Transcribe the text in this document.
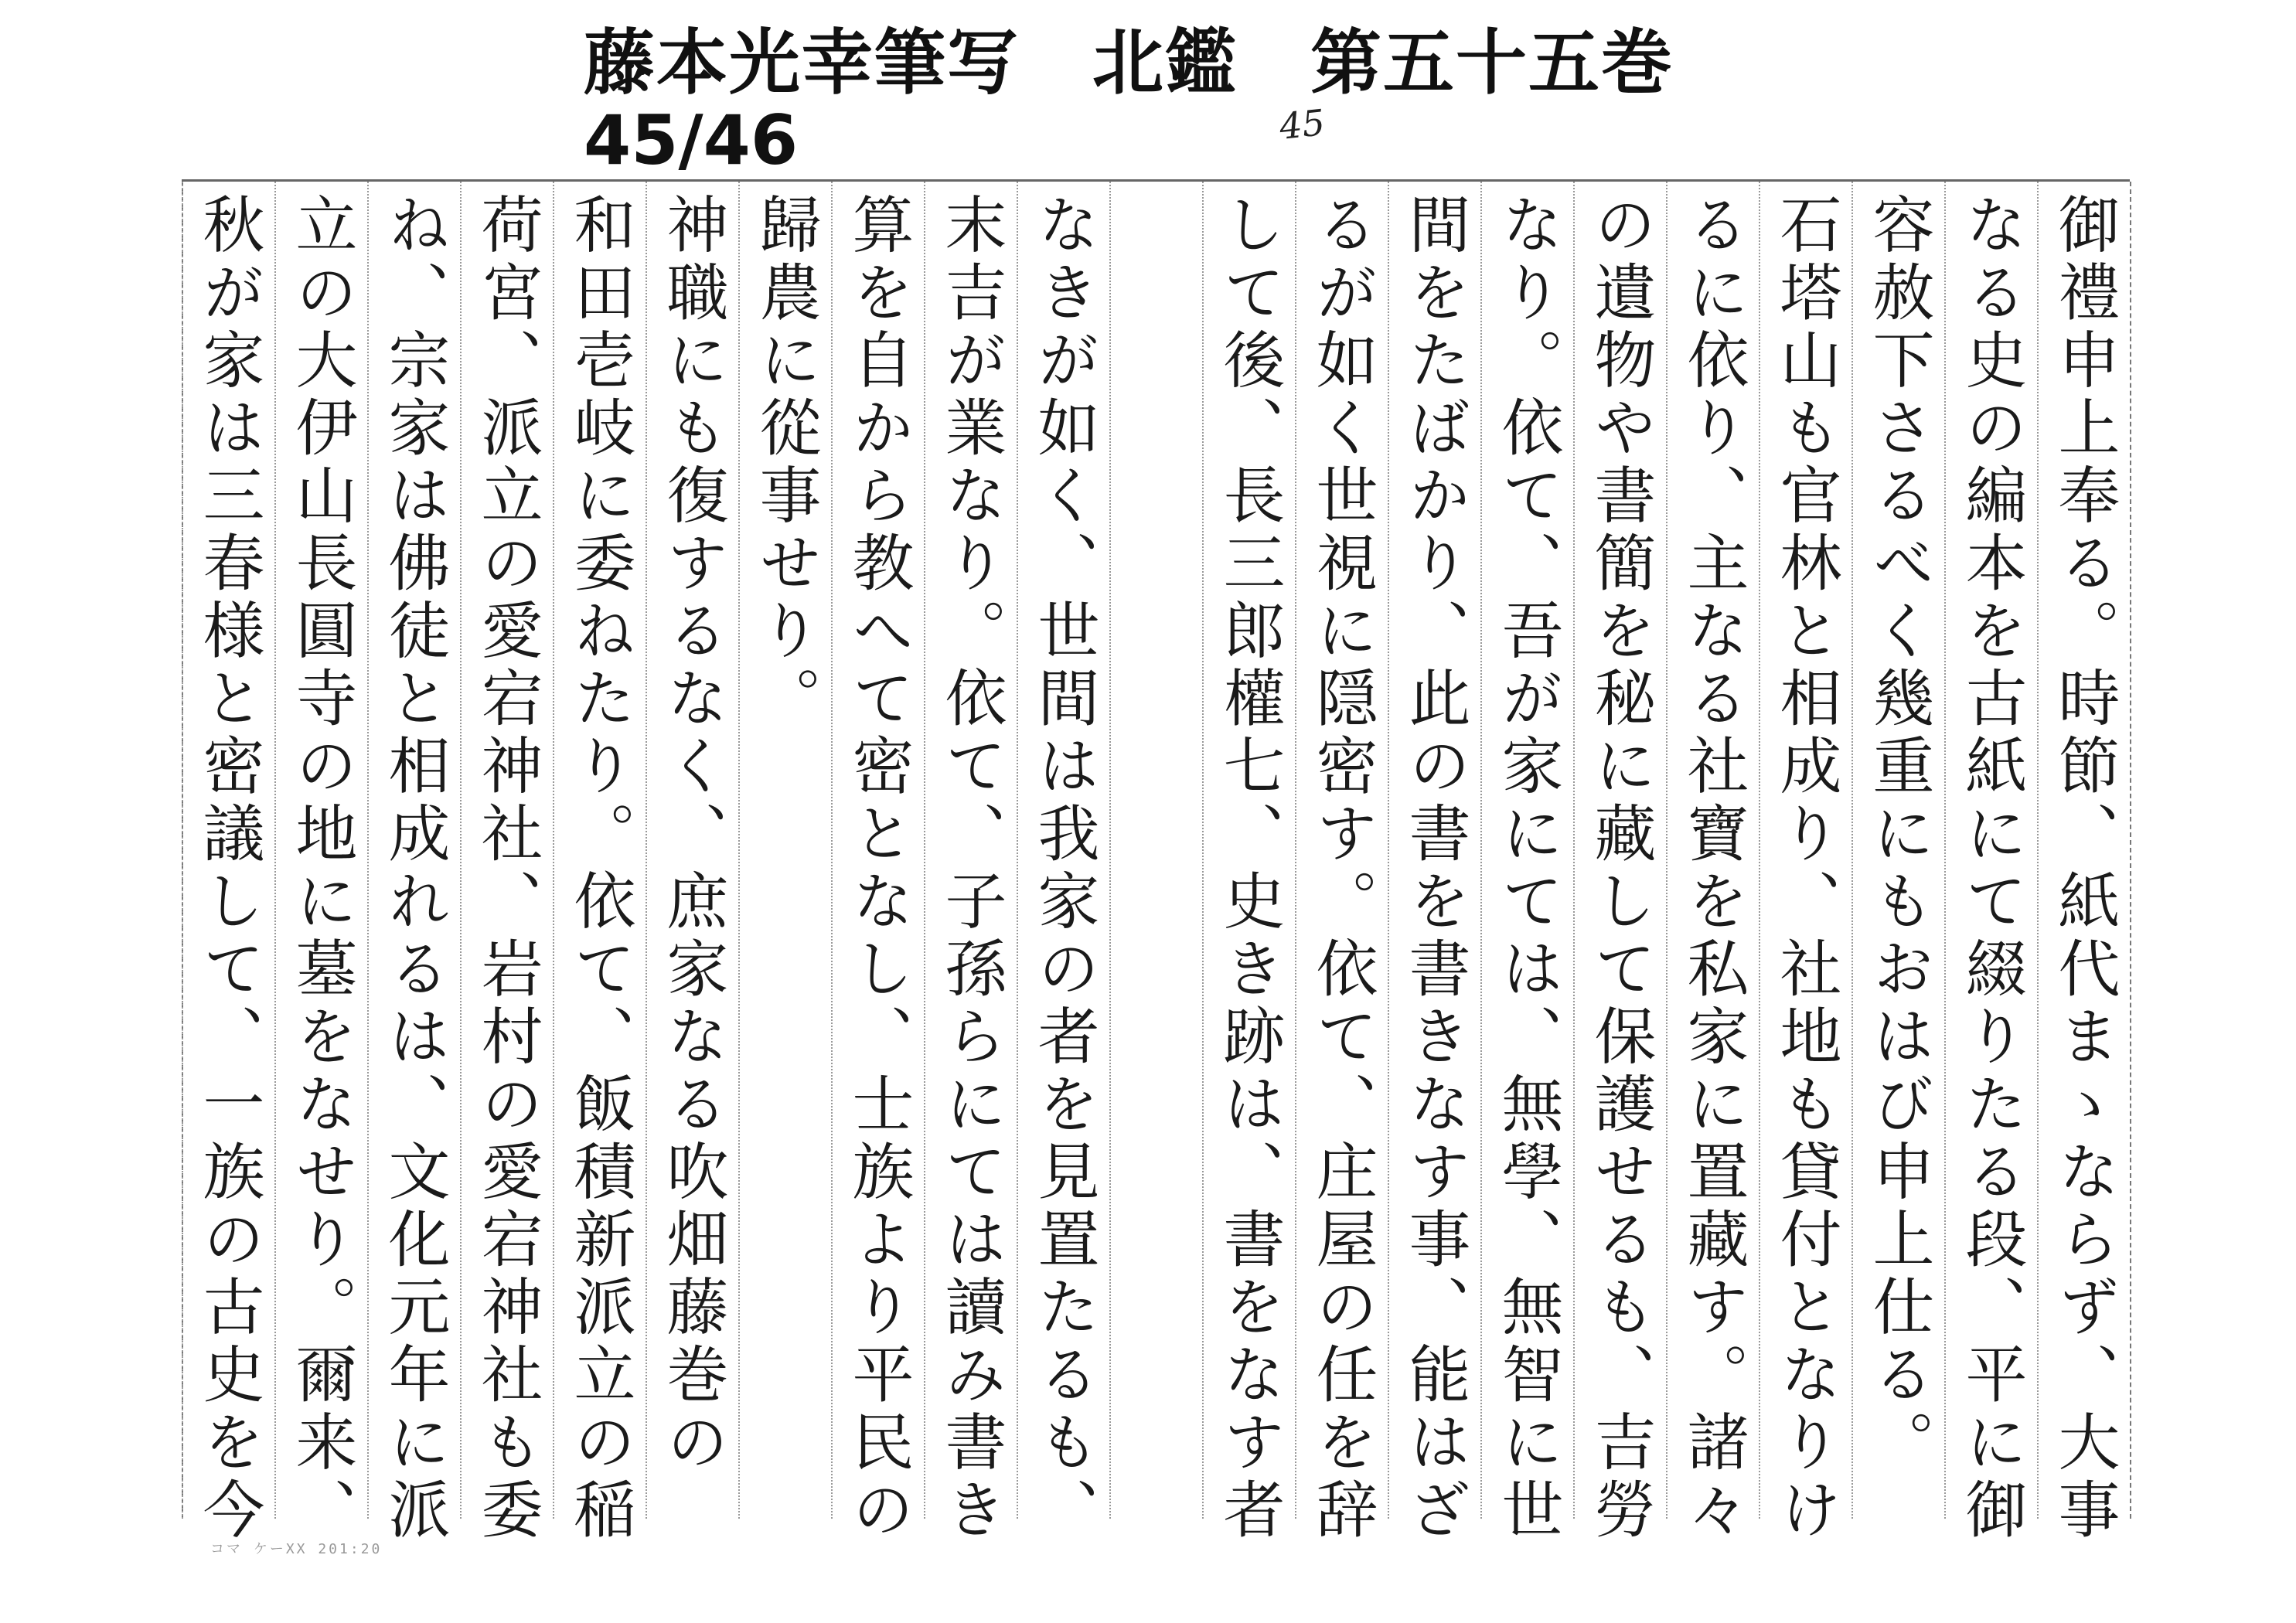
藤本光幸筆写　北鑑　第五十五巻
45/46	45
御禮申上奉る。時節、紙代まゝならず、大事
なる史の編本を古紙にて綴りたる段、平に御
容赦下さるべく幾重にもおはび申上仕る。
石塔山も官林と相成り、社地も貸付となりけ
るに依り、主なる社寶を私家に置藏す。諸々
の遺物や書簡を秘に藏して保護せるも、吉勞
なり。依て、吾が家にては、無學、無智に世
間をたばかり、此の書を書きなす事、能はざ
るが如く世視に隠密す。依て、庄屋の任を辞
して後、長三郎權七、史き跡は、書をなす者
なきが如く、世間は我家の者を見置たるも、
末吉が業なり。依て、子孫らにては讀み書き
算を自から教へて密となし、士族より平民の
歸農に從事せり。
神職にも復するなく、庶家なる吹畑藤巻の
和田壱岐に委ねたり。依て、飯積新派立の稲
荷宮、派立の愛宕神社、岩村の愛宕神社も委
ね、宗家は佛徒と相成れるは、文化元年に派
立の大伊山長圓寺の地に墓をなせり。爾来、
秋が家は三春様と密議して、一族の古史を今
コマ ケーXX 201:20
